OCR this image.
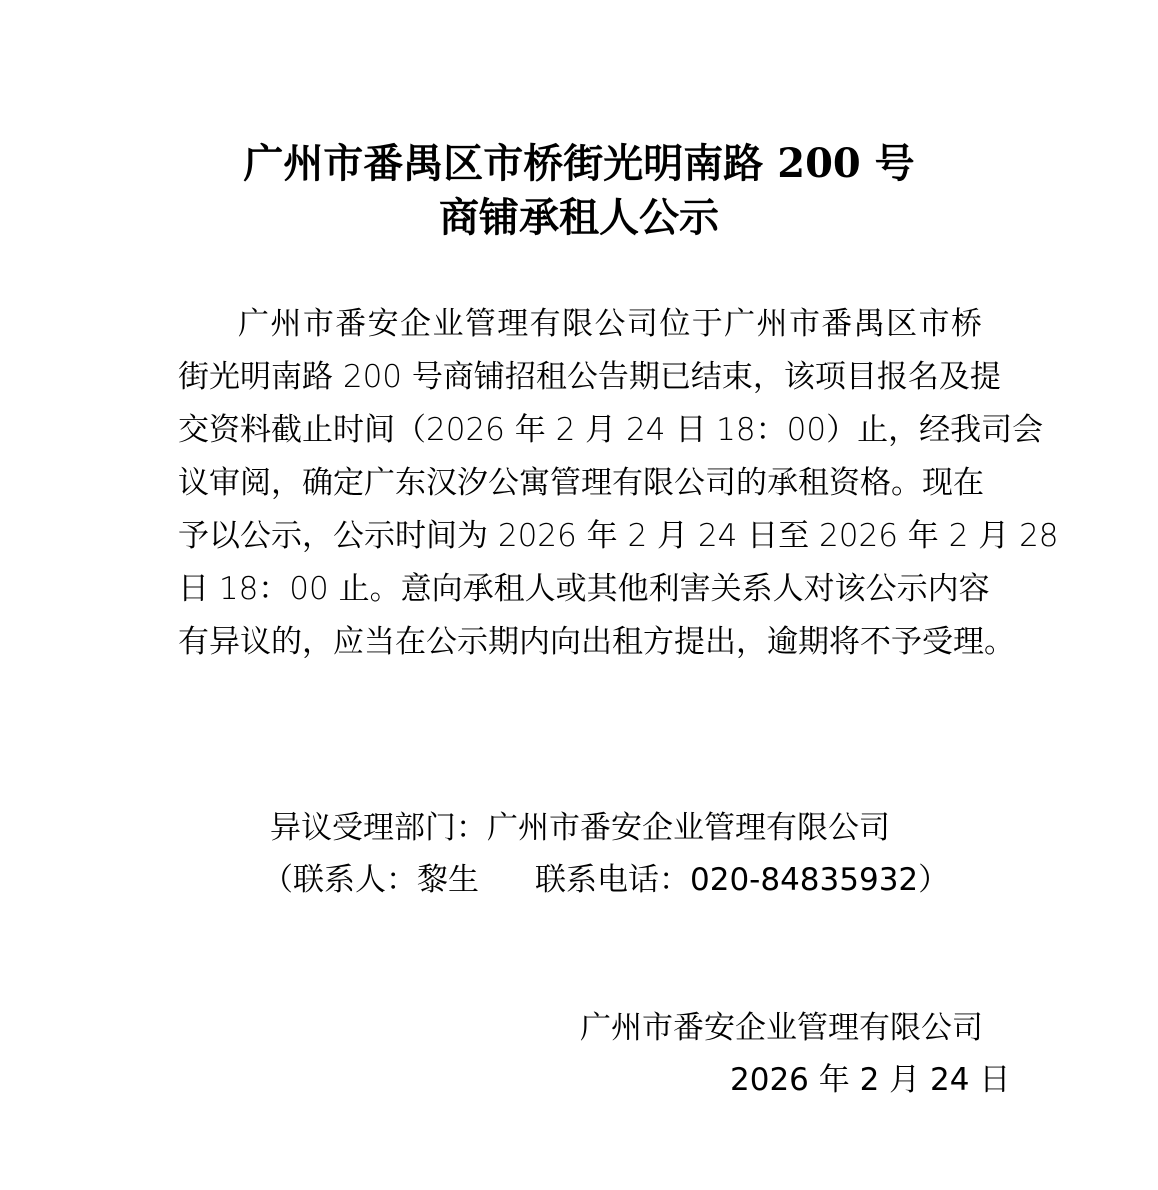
广州市番禺区市桥街光明南路 200 号
商铺承租人公示
广州市番安企业管理有限公司位于广州市番禺区市桥
街光明南路 200 号商铺招租公告期已结束，该项目报名及提
交资料截止时间（2026 年 2 月 24 日 18：00）止，经我司会
议审阅，确定广东汉汐公寓管理有限公司的承租资格。现在
予以公示，公示时间为 2026 年 2 月 24 日至 2026 年 2 月 28
日 18：00 止。意向承租人或其他利害关系人对该公示内容
有异议的，应当在公示期内向出租方提出，逾期将不予受理。
异议受理部门：广州市番安企业管理有限公司
（联系人：黎生 联系电话：020-84835932）
广州市番安企业管理有限公司
2026 年 2 月 24 日
